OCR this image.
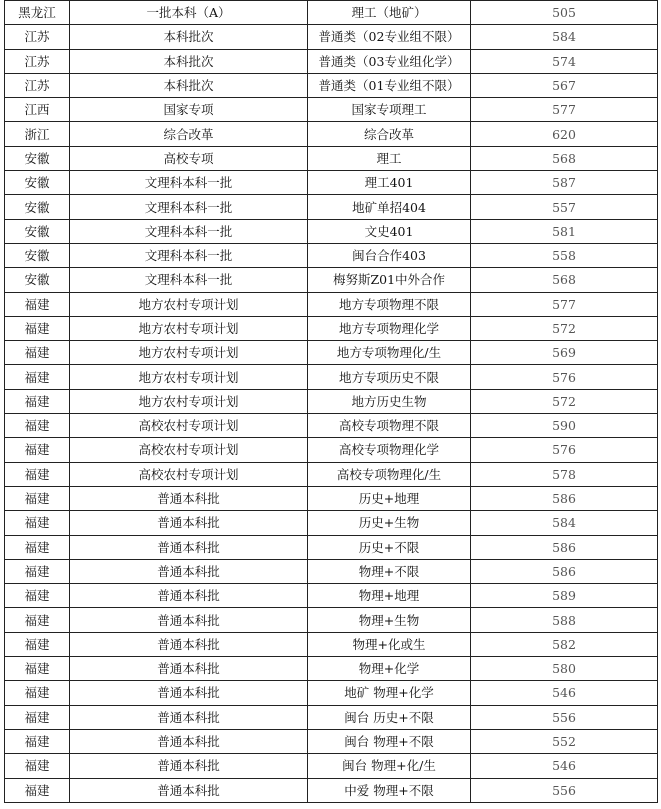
黑龙江	一批本科（A）	理工（地矿）	505
江苏	本科批次	普通类（02专业组不限）	584
江苏	本科批次	普通类（03专业组化学）	574
江苏	本科批次	普通类（01专业组不限）	567
江西	国家专项	国家专项理工	577
浙江	综合改革	综合改革	620
安徽	高校专项	理工	568
安徽	文理科本科一批	理工401	587
安徽	文理科本科一批	地矿单招404	557
安徽	文理科本科一批	文史401	581
安徽	文理科本科一批	闽台合作403	558
安徽	文理科本科一批	梅努斯Z01中外合作	568
福建	地方农村专项计划	地方专项物理不限	577
福建	地方农村专项计划	地方专项物理化学	572
福建	地方农村专项计划	地方专项物理化/生	569
福建	地方农村专项计划	地方专项历史不限	576
福建	地方农村专项计划	地方历史生物	572
福建	高校农村专项计划	高校专项物理不限	590
福建	高校农村专项计划	高校专项物理化学	576
福建	高校农村专项计划	高校专项物理化/生	578
福建	普通本科批	历史+地理	586
福建	普通本科批	历史+生物	584
福建	普通本科批	历史+不限	586
福建	普通本科批	物理+不限	586
福建	普通本科批	物理+地理	589
福建	普通本科批	物理+生物	588
福建	普通本科批	物理+化或生	582
福建	普通本科批	物理+化学	580
福建	普通本科批	地矿 物理+化学	546
福建	普通本科批	闽台 历史+不限	556
福建	普通本科批	闽台 物理+不限	552
福建	普通本科批	闽台 物理+化/生	546
福建	普通本科批	中爱 物理+不限	556
